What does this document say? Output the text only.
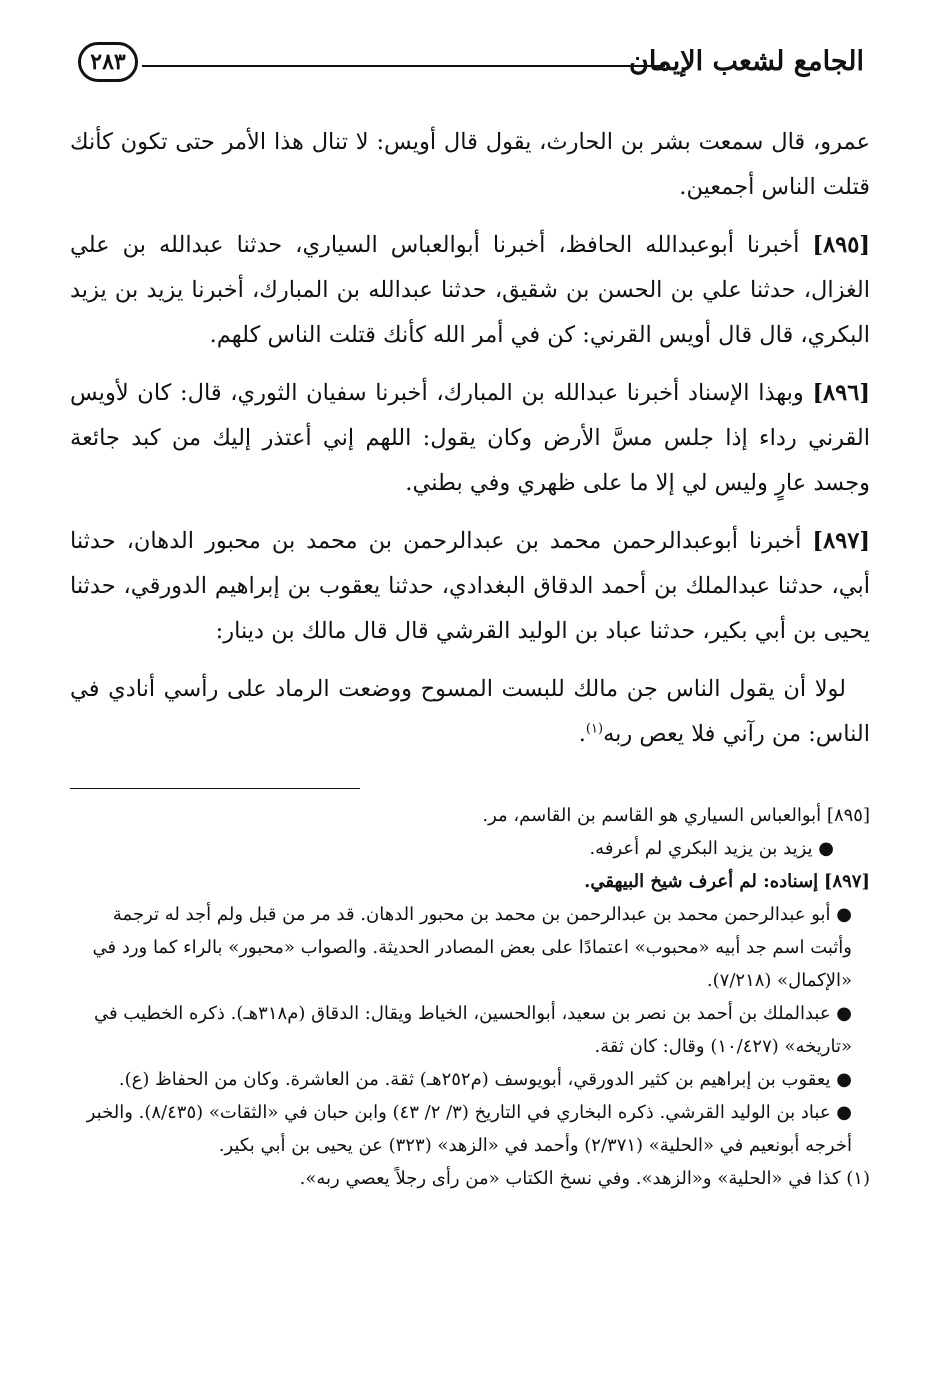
الجامع لشعب الإيمان
٢٨٣

عمرو، قال سمعت بشر بن الحارث، يقول قال أويس: لا تنال هذا الأمر حتى تكون كأنك قتلت الناس أجمعين.

[٨٩٥] أخبرنا أبوعبدالله الحافظ، أخبرنا أبوالعباس السياري، حدثنا عبدالله بن علي الغزال، حدثنا علي بن الحسن بن شقيق، حدثنا عبدالله بن المبارك، أخبرنا يزيد بن يزيد البكري، قال قال أويس القرني: كن في أمر الله كأنك قتلت الناس كلهم.

[٨٩٦] وبهذا الإسناد أخبرنا عبدالله بن المبارك، أخبرنا سفيان الثوري، قال: كان لأويس القرني رداء إذا جلس مسَّ الأرض وكان يقول: اللهم إني أعتذر إليك من كبد جائعة وجسد عارٍ وليس لي إلا ما على ظهري وفي بطني.

[٨٩٧] أخبرنا أبوعبدالرحمن محمد بن عبدالرحمن بن محمد بن محبور الدهان، حدثنا أبي، حدثنا عبدالملك بن أحمد الدقاق البغدادي، حدثنا يعقوب بن إبراهيم الدورقي، حدثنا يحيى بن أبي بكير، حدثنا عباد بن الوليد القرشي قال قال مالك بن دينار:

لولا أن يقول الناس جن مالك للبست المسوح ووضعت الرماد على رأسي أنادي في الناس: من رآني فلا يعص ربه$^{(١)}$.

[٨٩٥] أبوالعباس السياري هو القاسم بن القاسم، مر.

● يزيد بن يزيد البكري لم أعرفه.

[٨٩٧] إسناده: لم أعرف شيخ البيهقي.

● أبو عبدالرحمن محمد بن عبدالرحمن بن محمد بن محبور الدهان. قد مر من قبل ولم أجد له ترجمة وأثبت اسم جد أبيه «محبوب» اعتمادًا على بعض المصادر الحديثة. والصواب «محبور» بالراء كما ورد في «الإكمال» (٧/٢١٨).

● عبدالملك بن أحمد بن نصر بن سعيد، أبوالحسين، الخياط ويقال: الدقاق (م٣١٨هـ). ذكره الخطيب في «تاريخه» (١٠/٤٢٧) وقال: كان ثقة.

● يعقوب بن إبراهيم بن كثير الدورقي، أبويوسف (م٢٥٢هـ) ثقة. من العاشرة. وكان من الحفاظ (ع).

● عباد بن الوليد القرشي. ذكره البخاري في التاريخ (٣/ ٢/ ٤٣) وابن حبان في «الثقات» (٨/٤٣٥). والخبر أخرجه أبونعيم في «الحلية» (٢/٣٧١) وأحمد في «الزهد» (٣٢٣) عن يحيى بن أبي بكير.

(١) كذا في «الحلية» و«الزهد». وفي نسخ الكتاب «من رأى رجلاً يعصي ربه».
